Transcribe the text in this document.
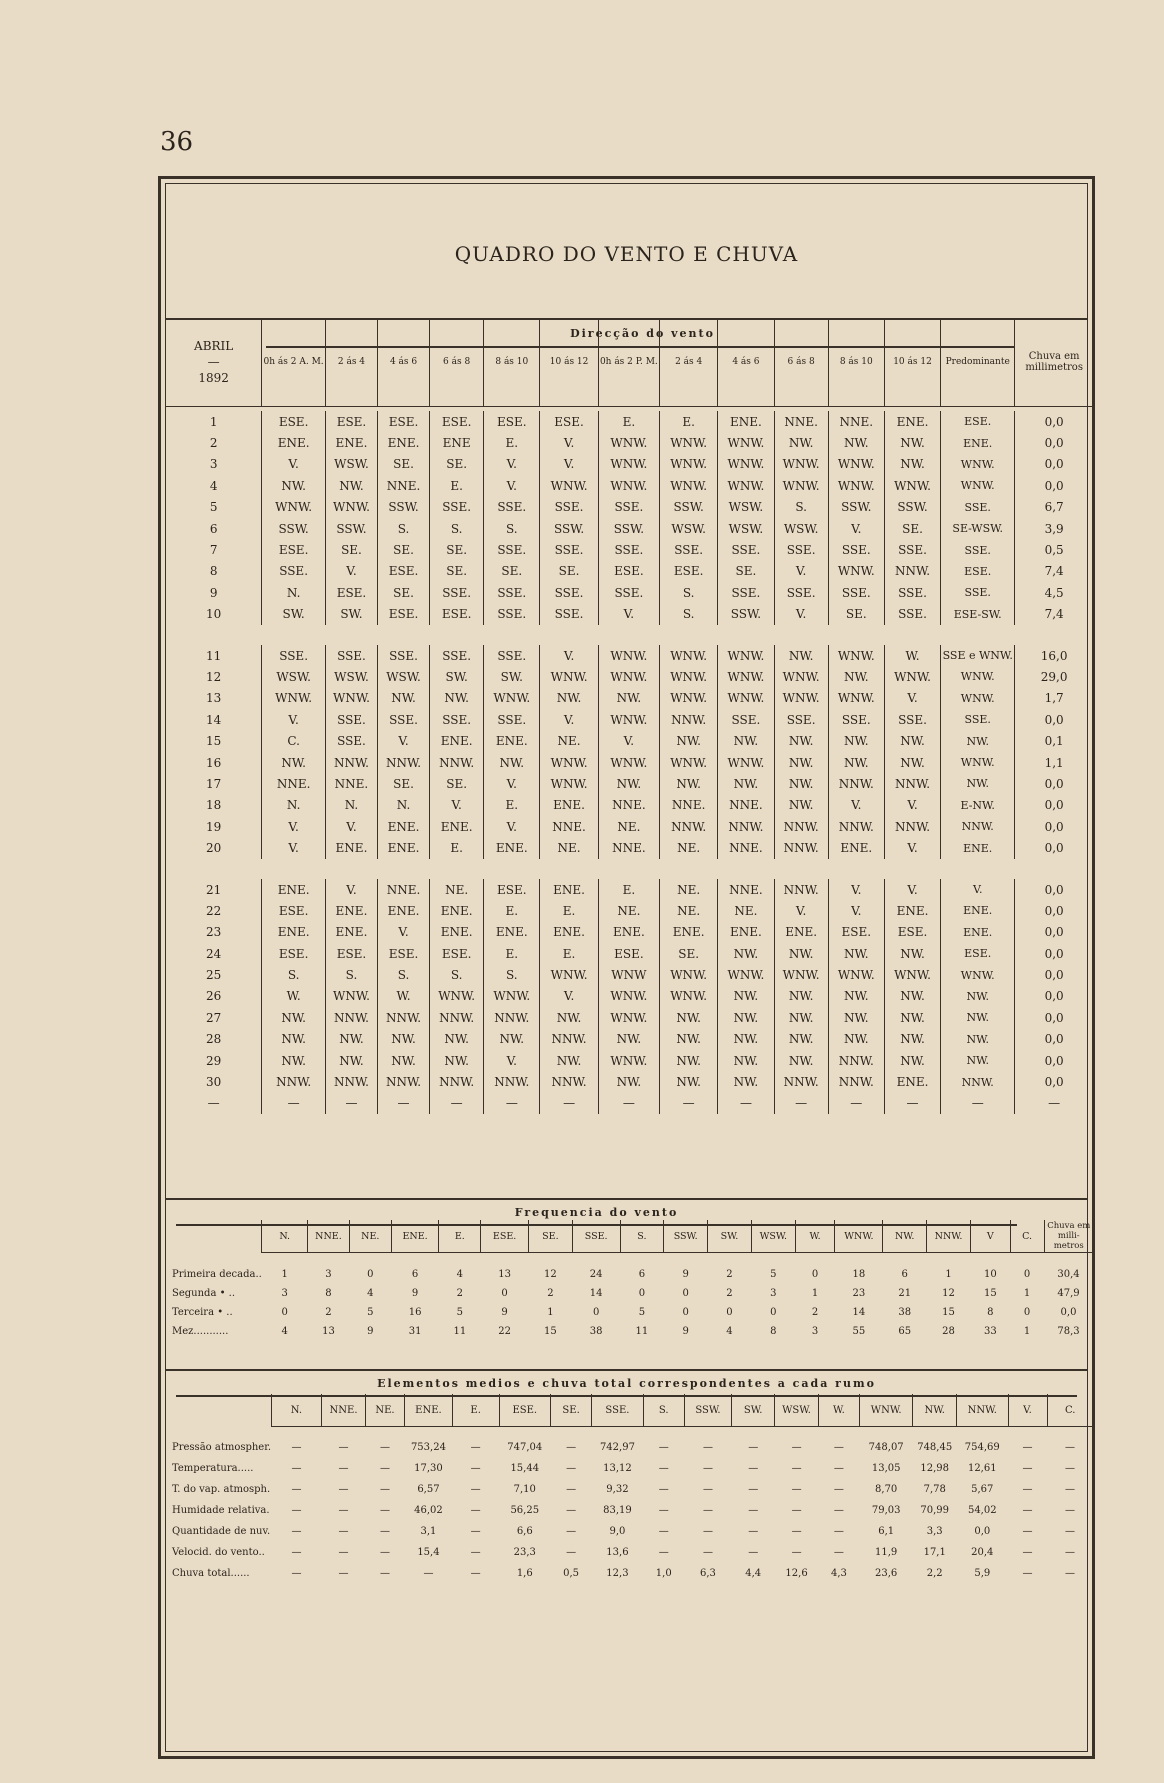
36
QUADRO DO VENTO E CHUVA
Direcção do vento
ABRIL
—
1892	0h ás 2 A. M.	2 ás 4	4 ás 6	6 ás 8	8 ás 10	10 ás 12	0h ás 2 P. M.	2 ás 4	4 ás 6	6 ás 8	8 ás 10	10 ás 12	Predominante	Chuva em millimetros

1	ESE.	ESE.	ESE.	ESE.	ESE.	ESE.	E.	E.	ENE.	NNE.	NNE.	ENE.	ESE.	0,0
2	ENE.	ENE.	ENE.	ENE	E.	V.	WNW.	WNW.	WNW.	NW.	NW.	NW.	ENE.	0,0
3	V.	WSW.	SE.	SE.	V.	V.	WNW.	WNW.	WNW.	WNW.	WNW.	NW.	WNW.	0,0
4	NW.	NW.	NNE.	E.	V.	WNW.	WNW.	WNW.	WNW.	WNW.	WNW.	WNW.	WNW.	0,0
5	WNW.	WNW.	SSW.	SSE.	SSE.	SSE.	SSE.	SSW.	WSW.	S.	SSW.	SSW.	SSE.	6,7
6	SSW.	SSW.	S.	S.	S.	SSW.	SSW.	WSW.	WSW.	WSW.	V.	SE.	SE-WSW.	3,9
7	ESE.	SE.	SE.	SE.	SSE.	SSE.	SSE.	SSE.	SSE.	SSE.	SSE.	SSE.	SSE.	0,5
8	SSE.	V.	ESE.	SE.	SE.	SE.	ESE.	ESE.	SE.	V.	WNW.	NNW.	ESE.	7,4
9	N.	ESE.	SE.	SSE.	SSE.	SSE.	SSE.	S.	SSE.	SSE.	SSE.	SSE.	SSE.	4,5
10	SW.	SW.	ESE.	ESE.	SSE.	SSE.	V.	S.	SSW.	V.	SE.	SSE.	ESE-SW.	7,4

11	SSE.	SSE.	SSE.	SSE.	SSE.	V.	WNW.	WNW.	WNW.	NW.	WNW.	W.	SSE e WNW.	16,0
12	WSW.	WSW.	WSW.	SW.	SW.	WNW.	WNW.	WNW.	WNW.	WNW.	NW.	WNW.	WNW.	29,0
13	WNW.	WNW.	NW.	NW.	WNW.	NW.	NW.	WNW.	WNW.	WNW.	WNW.	V.	WNW.	1,7
14	V.	SSE.	SSE.	SSE.	SSE.	V.	WNW.	NNW.	SSE.	SSE.	SSE.	SSE.	SSE.	0,0
15	C.	SSE.	V.	ENE.	ENE.	NE.	V.	NW.	NW.	NW.	NW.	NW.	NW.	0,1
16	NW.	NNW.	NNW.	NNW.	NW.	WNW.	WNW.	WNW.	WNW.	NW.	NW.	NW.	WNW.	1,1
17	NNE.	NNE.	SE.	SE.	V.	WNW.	NW.	NW.	NW.	NW.	NNW.	NNW.	NW.	0,0
18	N.	N.	N.	V.	E.	ENE.	NNE.	NNE.	NNE.	NW.	V.	V.	E-NW.	0,0
19	V.	V.	ENE.	ENE.	V.	NNE.	NE.	NNW.	NNW.	NNW.	NNW.	NNW.	NNW.	0,0
20	V.	ENE.	ENE.	E.	ENE.	NE.	NNE.	NE.	NNE.	NNW.	ENE.	V.	ENE.	0,0

21	ENE.	V.	NNE.	NE.	ESE.	ENE.	E.	NE.	NNE.	NNW.	V.	V.	V.	0,0
22	ESE.	ENE.	ENE.	ENE.	E.	E.	NE.	NE.	NE.	V.	V.	ENE.	ENE.	0,0
23	ENE.	ENE.	V.	ENE.	ENE.	ENE.	ENE.	ENE.	ENE.	ENE.	ESE.	ESE.	ENE.	0,0
24	ESE.	ESE.	ESE.	ESE.	E.	E.	ESE.	SE.	NW.	NW.	NW.	NW.	ESE.	0,0
25	S.	S.	S.	S.	S.	WNW.	WNW	WNW.	WNW.	WNW.	WNW.	WNW.	WNW.	0,0
26	W.	WNW.	W.	WNW.	WNW.	V.	WNW.	WNW.	NW.	NW.	NW.	NW.	NW.	0,0
27	NW.	NNW.	NNW.	NNW.	NNW.	NW.	WNW.	NW.	NW.	NW.	NW.	NW.	NW.	0,0
28	NW.	NW.	NW.	NW.	NW.	NNW.	NW.	NW.	NW.	NW.	NW.	NW.	NW.	0,0
29	NW.	NW.	NW.	NW.	V.	NW.	WNW.	NW.	NW.	NW.	NNW.	NW.	NW.	0,0
30	NNW.	NNW.	NNW.	NNW.	NNW.	NNW.	NW.	NW.	NW.	NNW.	NNW.	ENE.	NNW.	0,0
—	—	—	—	—	—	—	—	—	—	—	—	—	—	—
Frequencia do vento
	N.	NNE.	NE.	ENE.	E.	ESE.	SE.	SSE.	S.	SSW.	SW.	WSW.	W.	WNW.	NW.	NNW.	V	C.	Chuva em milli-metros

Primeira decada..	1	3	0	6	4	13	12	24	6	9	2	5	0	18	6	1	10	0	30,4
Segunda • ..	3	8	4	9	2	0	2	14	0	0	2	3	1	23	21	12	15	1	47,9
Terceira • ..	0	2	5	16	5	9	1	0	5	0	0	0	2	14	38	15	8	0	0,0
Mez...........	4	13	9	31	11	22	15	38	11	9	4	8	3	55	65	28	33	1	78,3
Elementos medios e chuva total correspondentes a cada rumo
	N.	NNE.	NE.	ENE.	E.	ESE.	SE.	SSE.	S.	SSW.	SW.	WSW.	W.	WNW.	NW.	NNW.	V.	C.

Pressão atmospher.	—	—	—	753,24	—	747,04	—	742,97	—	—	—	—	—	748,07	748,45	754,69	—	—
Temperatura.....	—	—	—	17,30	—	15,44	—	13,12	—	—	—	—	—	13,05	12,98	12,61	—	—
T. do vap. atmosph.	—	—	—	6,57	—	7,10	—	9,32	—	—	—	—	—	8,70	7,78	5,67	—	—
Humidade relativa.	—	—	—	46,02	—	56,25	—	83,19	—	—	—	—	—	79,03	70,99	54,02	—	—
Quantidade de nuv.	—	—	—	3,1	—	6,6	—	9,0	—	—	—	—	—	6,1	3,3	0,0	—	—
Velocid. do vento..	—	—	—	15,4	—	23,3	—	13,6	—	—	—	—	—	11,9	17,1	20,4	—	—
Chuva total......	—	—	—	—	—	1,6	0,5	12,3	1,0	6,3	4,4	12,6	4,3	23,6	2,2	5,9	—	—
